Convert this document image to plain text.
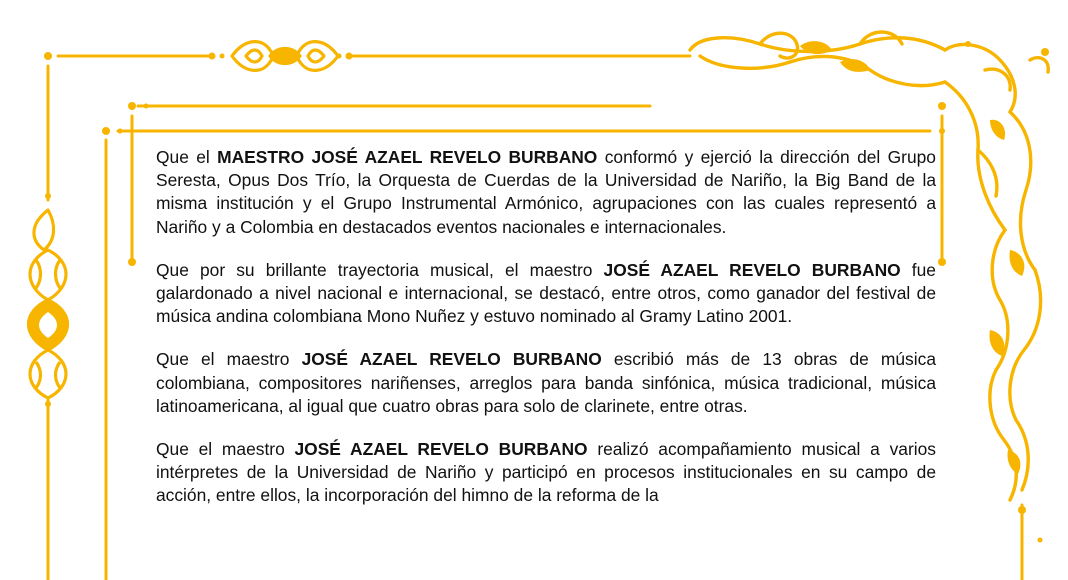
Que el MAESTRO JOSÉ AZAEL REVELO BURBANO conformó y ejerció la dirección del Grupo Seresta, Opus Dos Trío, la Orquesta de Cuerdas de la Universidad de Nariño, la Big Band de la misma institución y el Grupo Instrumental Armónico, agrupaciones con las cuales representó a Nariño y a Colombia en destacados eventos nacionales e internacionales.

Que por su brillante trayectoria musical, el maestro JOSÉ AZAEL REVELO BURBANO fue galardonado a nivel nacional e internacional, se destacó, entre otros, como ganador del festival de música andina colombiana Mono Nuñez y estuvo nominado al Gramy Latino 2001.

Que el maestro JOSÉ AZAEL REVELO BURBANO escribió más de 13 obras de música colombiana, compositores nariñenses, arreglos para banda sinfónica, música tradicional, música latinoamericana, al igual que cuatro obras para solo de clarinete, entre otras.

Que el maestro JOSÉ AZAEL REVELO BURBANO realizó acompañamiento musical a varios intérpretes de la Universidad de Nariño y participó en procesos institucionales en su campo de acción, entre ellos, la incorporación del himno de la reforma de la
